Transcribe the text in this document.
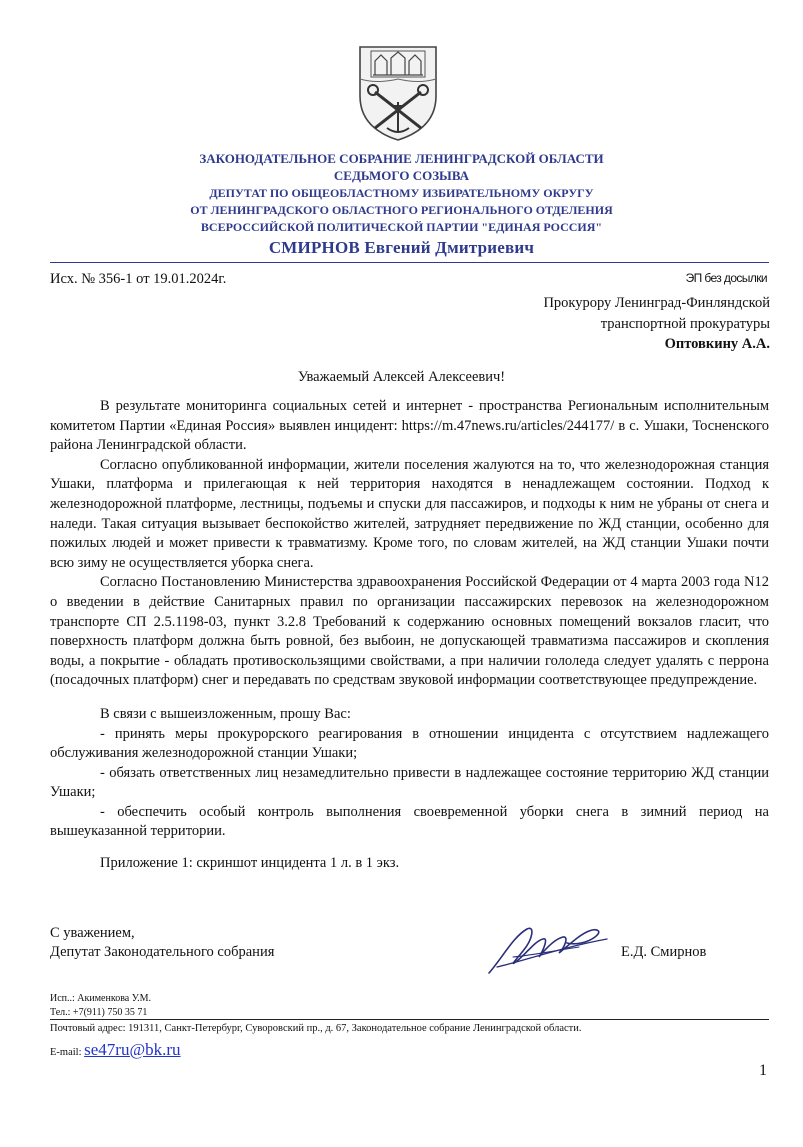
ЗАКОНОДАТЕЛЬНОЕ СОБРАНИЕ ЛЕНИНГРАДСКОЙ ОБЛАСТИ
СЕДЬМОГО СОЗЫВА
ДЕПУТАТ ПО ОБЩЕОБЛАСТНОМУ ИЗБИРАТЕЛЬНОМУ ОКРУГУ
ОТ ЛЕНИНГРАДСКОГО ОБЛАСТНОГО РЕГИОНАЛЬНОГО ОТДЕЛЕНИЯ
ВСЕРОССИЙСКОЙ ПОЛИТИЧЕСКОЙ ПАРТИИ "ЕДИНАЯ РОССИЯ"
СМИРНОВ Евгений Дмитриевич
Исх. № 356-1 от 19.01.2024г.	ЭП без досылки
Прокурору Ленинград-Финляндской
транспортной прокуратуры
Оптовкину А.А.
Уважаемый Алексей Алексеевич!

В результате мониторинга социальных сетей и интернет - пространства Региональным исполнительным комитетом Партии «Единая Россия» выявлен инцидент: https://m.47news.ru/articles/244177/ в с. Ушаки, Тосненского района Ленинградской области.

Согласно опубликованной информации, жители поселения жалуются на то, что железнодорожная станция Ушаки, платформа и прилегающая к ней территория находятся в ненадлежащем состоянии. Подход к железнодорожной платформе, лестницы, подъемы и спуски для пассажиров, и подходы к ним не убраны от снега и наледи. Такая ситуация вызывает беспокойство жителей, затрудняет передвижение по ЖД станции, особенно для пожилых людей и может привести к травматизму. Кроме того, по словам жителей, на ЖД станции Ушаки почти всю зиму не осуществляется уборка снега.

Согласно Постановлению Министерства здравоохранения Российской Федерации от 4 марта 2003 года N12 о введении в действие Санитарных правил по организации пассажирских перевозок на железнодорожном транспорте СП 2.5.1198-03, пункт 3.2.8 Требований к содержанию основных помещений вокзалов гласит, что поверхность платформ должна быть ровной, без выбоин, не допускающей травматизма пассажиров и скопления воды, а покрытие - обладать противоскользящими свойствами, а при наличии гололеда следует удалять с перрона (посадочных платформ) снег и передавать по средствам звуковой информации соответствующее предупреждение.

В связи с вышеизложенным, прошу Вас:

- принять меры прокурорского реагирования в отношении инцидента с отсутствием надлежащего обслуживания железнодорожной станции Ушаки;

- обязать ответственных лиц незамедлительно привести в надлежащее состояние территорию ЖД станции Ушаки;

- обеспечить особый контроль выполнения своевременной уборки снега в зимний период на вышеуказанной территории.

Приложение 1: скриншот инцидента 1 л. в 1 экз.

С уважением,
Депутат Законодательного собрания	Е.Д. Смирнов
Исп..: Акименкова У.М.
Тел.: +7(911) 750 35 71
Почтовый адрес: 191311, Санкт-Петербург, Суворовский пр., д. 67, Законодательное собрание Ленинградской области.
E-mail: se47ru@bk.ru
1
